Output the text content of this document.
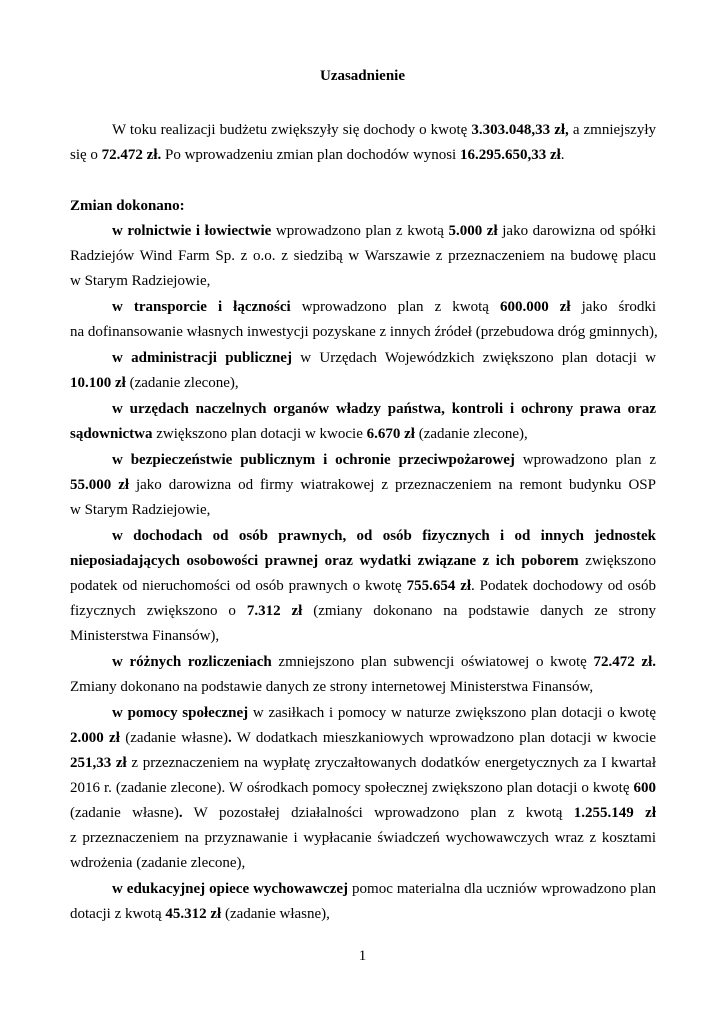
Uzasadnienie
W toku realizacji budżetu zwiększyły się dochody o kwotę 3.303.048,33 zł, a zmniejszyły
się o 72.472 zł. Po wprowadzeniu zmian plan dochodów wynosi 16.295.650,33 zł.
Zmian dokonano:
w rolnictwie i łowiectwie wprowadzono plan z kwotą 5.000 zł jako darowizna od spółki
Radziejów Wind Farm Sp. z o.o. z siedzibą w Warszawie z przeznaczeniem na budowę placu
w Starym Radziejowie,
w transporcie i łączności wprowadzono plan z kwotą 600.000 zł jako środki
na dofinansowanie własnych inwestycji pozyskane z innych źródeł (przebudowa dróg gminnych),
w administracji publicznej w Urzędach Wojewódzkich zwiększono plan dotacji w
10.100 zł (zadanie zlecone),
w urzędach naczelnych organów władzy państwa, kontroli i ochrony prawa oraz
sądownictwa zwiększono plan dotacji w kwocie 6.670 zł (zadanie zlecone),
w bezpieczeństwie publicznym i ochronie przeciwpożarowej wprowadzono plan z
55.000 zł jako darowizna od firmy wiatrakowej z przeznaczeniem na remont budynku OSP
w Starym Radziejowie,
w dochodach od osób prawnych, od osób fizycznych i od innych jednostek
nieposiadających osobowości prawnej oraz wydatki związane z ich poborem zwiększono
podatek od nieruchomości od osób prawnych o kwotę 755.654 zł. Podatek dochodowy od osób
fizycznych zwiększono o 7.312 zł (zmiany dokonano na podstawie danych ze strony
Ministerstwa Finansów),
w różnych rozliczeniach zmniejszono plan subwencji oświatowej o kwotę 72.472 zł.
Zmiany dokonano na podstawie danych ze strony internetowej Ministerstwa Finansów,
w pomocy społecznej w zasiłkach i pomocy w naturze zwiększono plan dotacji o kwotę
2.000 zł (zadanie własne). W dodatkach mieszkaniowych wprowadzono plan dotacji w kwocie
251,33 zł z przeznaczeniem na wypłatę zryczałtowanych dodatków energetycznych za I kwartał
2016 r. (zadanie zlecone). W ośrodkach pomocy społecznej zwiększono plan dotacji o kwotę 600
(zadanie własne). W pozostałej działalności wprowadzono plan z kwotą 1.255.149 zł
z przeznaczeniem na przyznawanie i wypłacanie świadczeń wychowawczych wraz z kosztami
wdrożenia (zadanie zlecone),
w edukacyjnej opiece wychowawczej pomoc materialna dla uczniów wprowadzono plan
dotacji z kwotą 45.312 zł (zadanie własne),
1
